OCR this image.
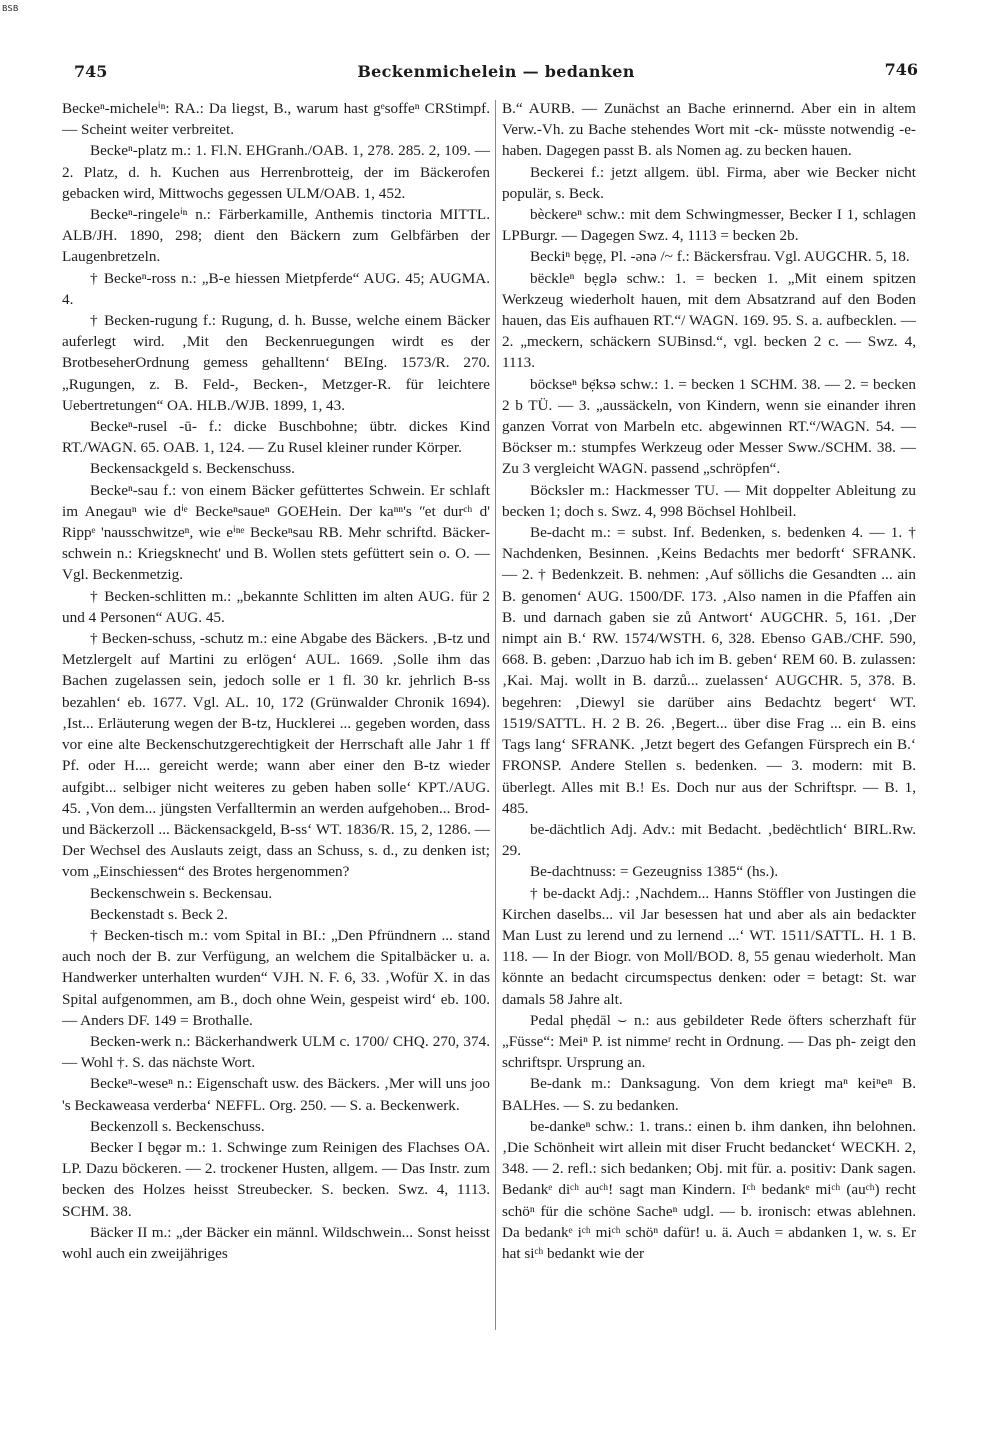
BSB
745	Beckenmichelein — bedanken	746

Beckeⁿ-micheleⁱⁿ: RA.: Da liegst, B., warum hast gᵉsoffeⁿ CRStimpf. — Scheint weiter verbreitet.

Beckeⁿ-platz m.: 1. Fl.N. EHGranh./OAB. 1, 278. 285. 2, 109. — 2. Platz, d. h. Kuchen aus Herrenbrotteig, der im Bäckerofen gebacken wird, Mittwochs gegessen ULM/OAB. 1, 452.

Beckeⁿ-ringeleⁱⁿ n.: Färberkamille, Anthemis tinctoria MITTL. ALB/JH. 1890, 298; dient den Bäckern zum Gelbfärben der Laugenbretzeln.

† Beckeⁿ-ross n.: „B-e hiessen Mietpferde“ AUG. 45; AUGMA. 4.

† Becken-rugung f.: Rugung, d. h. Busse, welche einem Bäcker auferlegt wird. ‚Mit den Beckenruegungen wirdt es der BrotbeseherOrdnung gemess gehalltenn‘ BEIng. 1573/R. 270. „Rugungen, z. B. Feld-, Becken-, Metzger-R. für leichtere Uebertretungen“ OA. HLB./WJB. 1899, 1, 43.

Beckeⁿ-rusel -ū- f.: dicke Buschbohne; übtr. dickes Kind RT./WAGN. 65. OAB. 1, 124. — Zu Rusel kleiner runder Körper.

Beckensackgeld s. Beckenschuss.

Beckeⁿ-sau f.: von einem Bäcker gefüttertes Schwein. Er schlaft im Anegauⁿ wie dⁱᵉ Beckeⁿsaueⁿ GOEHein. Der kaⁿⁿ's ʺet durᶜʰ d' Rippᵉ 'nausschwitzeⁿ, wie eⁱⁿᵉ Beckeⁿsau RB. Mehr schriftd. Bäcker-schwein n.: Kriegsknecht' und B. Wollen stets gefüttert sein o. O. — Vgl. Beckenmetzig.

† Becken-schlitten m.: „bekannte Schlitten im alten AUG. für 2 und 4 Personen“ AUG. 45.

† Becken-schuss, -schutz m.: eine Abgabe des Bäckers. ‚B-tz und Metzlergelt auf Martini zu erlögen‘ AUL. 1669. ‚Solle ihm das Bachen zugelassen sein, jedoch solle er 1 fl. 30 kr. jehrlich B-ss bezahlen‘ eb. 1677. Vgl. AL. 10, 172 (Grünwalder Chronik 1694). ‚Ist... Erläuterung wegen der B-tz, Hucklerei ... gegeben worden, dass vor eine alte Beckenschutzgerechtigkeit der Herrschaft alle Jahr 1 ff Pf. oder H.... gereicht werde; wann aber einer den B-tz wieder aufgibt... selbiger nicht weiteres zu geben haben solle‘ KPT./AUG. 45. ‚Von dem... jüngsten Verfalltermin an werden aufgehoben... Brod- und Bäckerzoll ... Bäckensackgeld, B-ss‘ WT. 1836/R. 15, 2, 1286. — Der Wechsel des Auslauts zeigt, dass an Schuss, s. d., zu denken ist; vom „Einschiessen“ des Brotes hergenommen?

Beckenschwein s. Beckensau.

Beckenstadt s. Beck 2.

† Becken-tisch m.: vom Spital in BI.: „Den Pfründnern ... stand auch noch der B. zur Verfügung, an welchem die Spitalbäcker u. a. Handwerker unterhalten wurden“ VJH. N. F. 6, 33. ‚Wofür X. in das Spital aufgenommen, am B., doch ohne Wein, gespeist wird‘ eb. 100. — Anders DF. 149 = Brothalle.

Becken-werk n.: Bäckerhandwerk ULM c. 1700/ CHQ. 270, 374. — Wohl †. S. das nächste Wort.

Beckeⁿ-weseⁿ n.: Eigenschaft usw. des Bäckers. ‚Mer will uns joo 's Beckaweasa verderba‘ NEFFL. Org. 250. — S. a. Beckenwerk.

Beckenzoll s. Beckenschuss.

Becker I bęgər m.: 1. Schwinge zum Reinigen des Flachses OA. LP. Dazu böckeren. — 2. trockener Husten, allgem. — Das Instr. zum becken des Holzes heisst Streubecker. S. becken. Swz. 4, 1113. SCHM. 38.

Bäcker II m.: „der Bäcker ein männl. Wildschwein... Sonst heisst wohl auch ein zweijähriges

B.“ AURB. — Zunächst an Bache erinnernd. Aber ein in altem Verw.-Vh. zu Bache stehendes Wort mit -ck- müsste notwendig -e- haben. Dagegen passt B. als Nomen ag. zu becken hauen.

Beckerei f.: jetzt allgem. übl. Firma, aber wie Becker nicht populär, s. Beck.

bèckereⁿ schw.: mit dem Schwingmesser, Becker I 1, schlagen LPBurgr. — Dagegen Swz. 4, 1113 = becken 2b.

Beckiⁿ bẹgẹ, Pl. -ənə /~ f.: Bäckersfrau. Vgl. AUGCHR. 5, 18.

bëckleⁿ bẹglə schw.: 1. = becken 1. „Mit einem spitzen Werkzeug wiederholt hauen, mit dem Absatzrand auf den Boden hauen, das Eis aufhauen RT.“/ WAGN. 169. 95. S. a. aufbecklen. — 2. „meckern, schäckern SUBinsd.“, vgl. becken 2 c. — Swz. 4, 1113.

böckseⁿ bẹ̈ksə schw.: 1. = becken 1 SCHM. 38. — 2. = becken 2 b TÜ. — 3. „aussäckeln, von Kindern, wenn sie einander ihren ganzen Vorrat von Marbeln etc. abgewinnen RT.“/WAGN. 54. — Böckser m.: stumpfes Werkzeug oder Messer Sww./SCHM. 38. — Zu 3 vergleicht WAGN. passend „schröpfen“.

Böcksler m.: Hackmesser TU. — Mit doppelter Ableitung zu becken 1; doch s. Swz. 4, 998 Böchsel Hohlbeil.

Be-dacht m.: = subst. Inf. Bedenken, s. bedenken 4. — 1. † Nachdenken, Besinnen. ‚Keins Bedachts mer bedorft‘ SFRANK. — 2. † Bedenkzeit. B. nehmen: ‚Auf söllichs die Gesandten ... ain B. genomen‘ AUG. 1500/DF. 173. ‚Also namen in die Pfaffen ain B. und darnach gaben sie zů Antwort‘ AUGCHR. 5, 161. ‚Der nimpt ain B.‘ RW. 1574/WSTH. 6, 328. Ebenso GAB./CHF. 590, 668. B. geben: ‚Darzuo hab ich im B. geben‘ REM 60. B. zulassen: ‚Kai. Maj. wollt in B. darzů... zuelassen‘ AUGCHR. 5, 378. B. begehren: ‚Diewyl sie darüber ains Bedachtz begert‘ WT. 1519/SATTL. H. 2 B. 26. ‚Begert... über dise Frag ... ein B. eins Tags lang‘ SFRANK. ‚Jetzt begert des Gefangen Fürsprech ein B.‘ FRONSP. Andere Stellen s. bedenken. — 3. modern: mit B. überlegt. Alles mit B.! Es. Doch nur aus der Schriftspr. — B. 1, 485.

be-dächtlich Adj. Adv.: mit Bedacht. ‚bedëchtlich‘ BIRL.Rw. 29.

Be-dachtnuss: = Gezeugniss 1385“ (hs.).

† be-dackt Adj.: ‚Nachdem... Hanns Stöffler von Justingen die Kirchen daselbs... vil Jar besessen hat und aber als ain bedackter Man Lust zu lerend und zu lernend ...‘ WT. 1511/SATTL. H. 1 B. 118. — In der Biogr. von Moll/BOD. 8, 55 genau wiederholt. Man könnte an bedacht circumspectus denken: oder = betagt: St. war damals 58 Jahre alt.

Pedal phẹdāl ⌣ n.: aus gebildeter Rede öfters scherzhaft für „Füsse“: Meiⁿ P. ist nimmeʳ recht in Ordnung. — Das ph- zeigt den schriftspr. Ursprung an.

Be-dank m.: Danksagung. Von dem kriegt maⁿ keiⁿeⁿ B. BALHes. — S. zu bedanken.

be-dankeⁿ schw.: 1. trans.: einen b. ihm danken, ihn belohnen. ‚Die Schönheit wirt allein mit diser Frucht bedancket‘ WECKH. 2, 348. — 2. refl.: sich bedanken; Obj. mit für. a. positiv: Dank sagen. Bedankᵉ diᶜʰ auᶜʰ! sagt man Kindern. Iᶜʰ bedankᵉ miᶜʰ (auᶜʰ) recht schöⁿ für die schöne Sacheⁿ udgl. — b. ironisch: etwas ablehnen. Da bedankᵉ iᶜʰ miᶜʰ schöⁿ dafür! u. ä. Auch = abdanken 1, w. s. Er hat siᶜʰ bedankt wie der
